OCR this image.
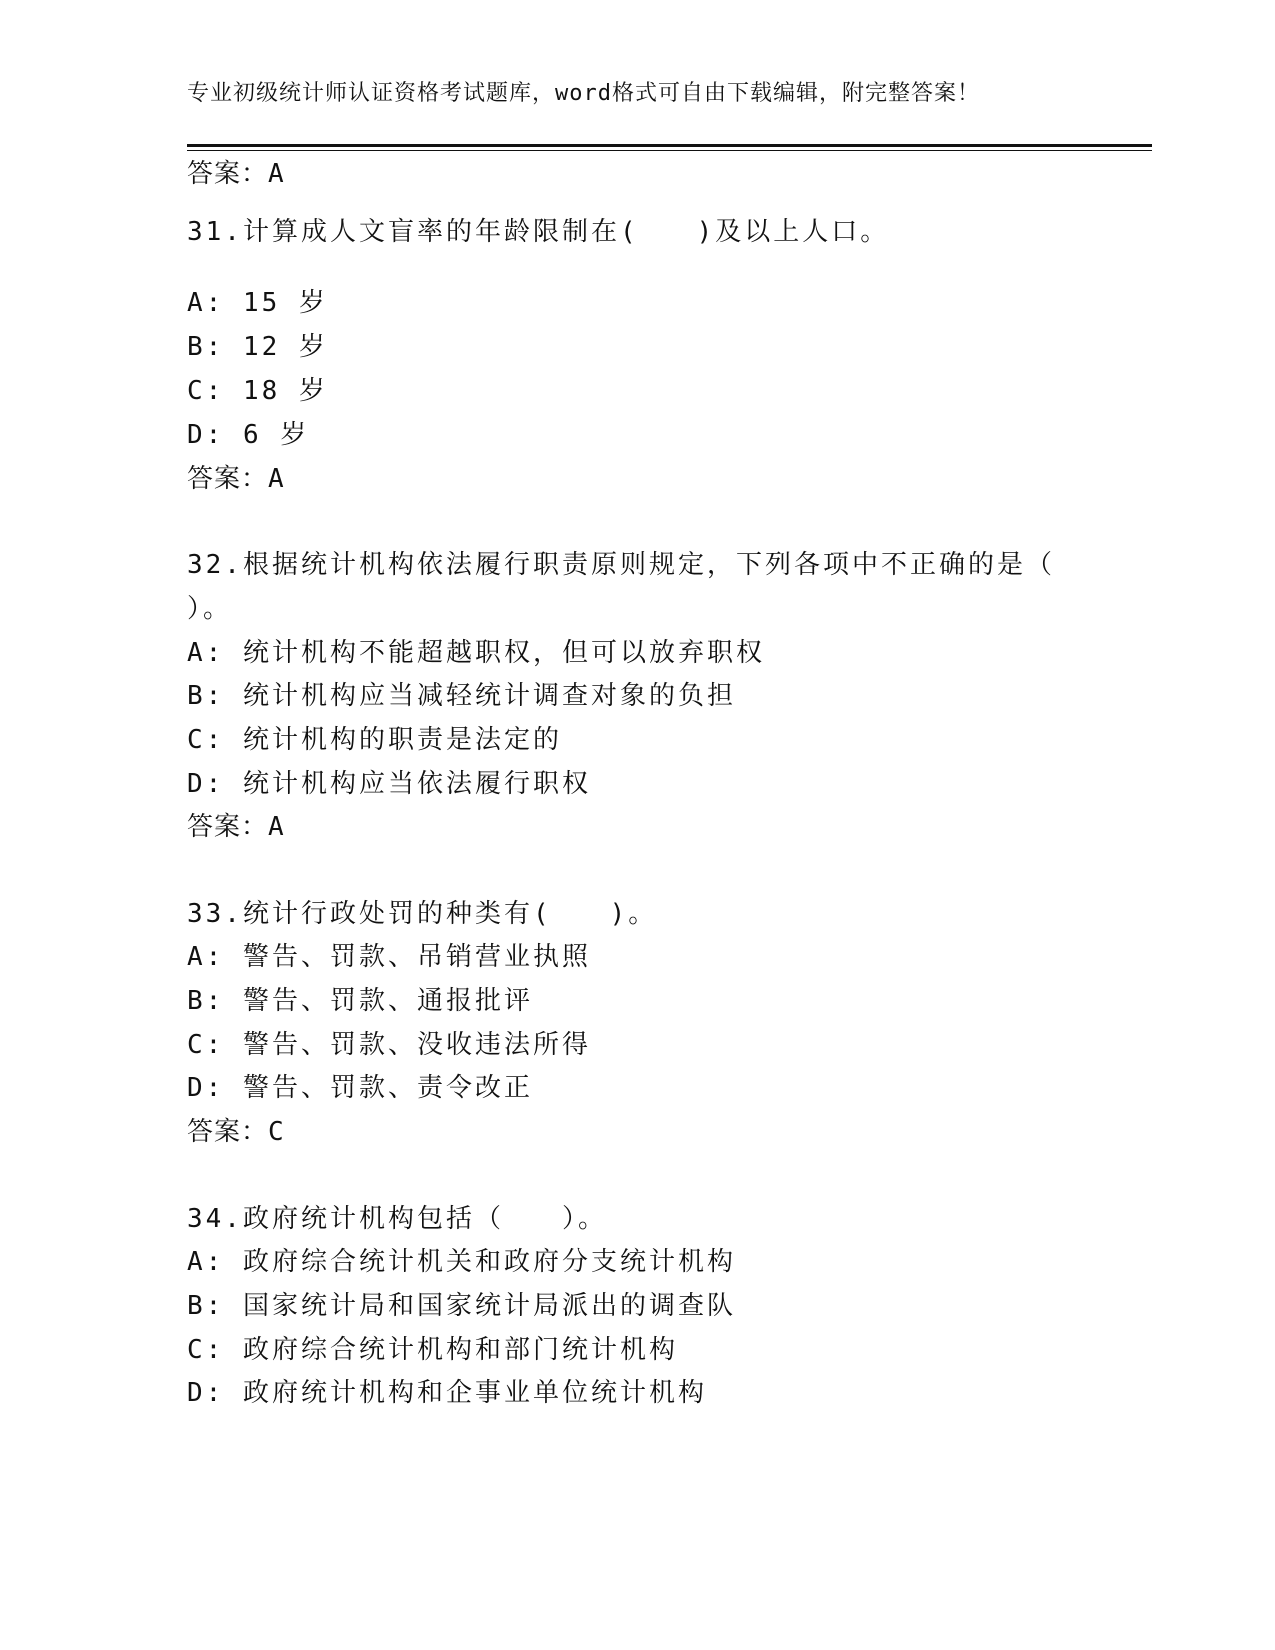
专业初级统计师认证资格考试题库，word格式可自由下载编辑，附完整答案！
答案：A
31.计算成人文盲率的年龄限制在(　　)及以上人口。
A: 15 岁
B: 12 岁
C: 18 岁
D: 6 岁
答案：A
32.根据统计机构依法履行职责原则规定，下列各项中不正确的是（
）。
A: 统计机构不能超越职权，但可以放弃职权
B: 统计机构应当减轻统计调查对象的负担
C: 统计机构的职责是法定的
D: 统计机构应当依法履行职权
答案：A
33.统计行政处罚的种类有(　　)。
A: 警告、罚款、吊销营业执照
B: 警告、罚款、通报批评
C: 警告、罚款、没收违法所得
D: 警告、罚款、责令改正
答案：C
34.政府统计机构包括（　　）。
A: 政府综合统计机关和政府分支统计机构
B: 国家统计局和国家统计局派出的调查队
C: 政府综合统计机构和部门统计机构
D: 政府统计机构和企事业单位统计机构
